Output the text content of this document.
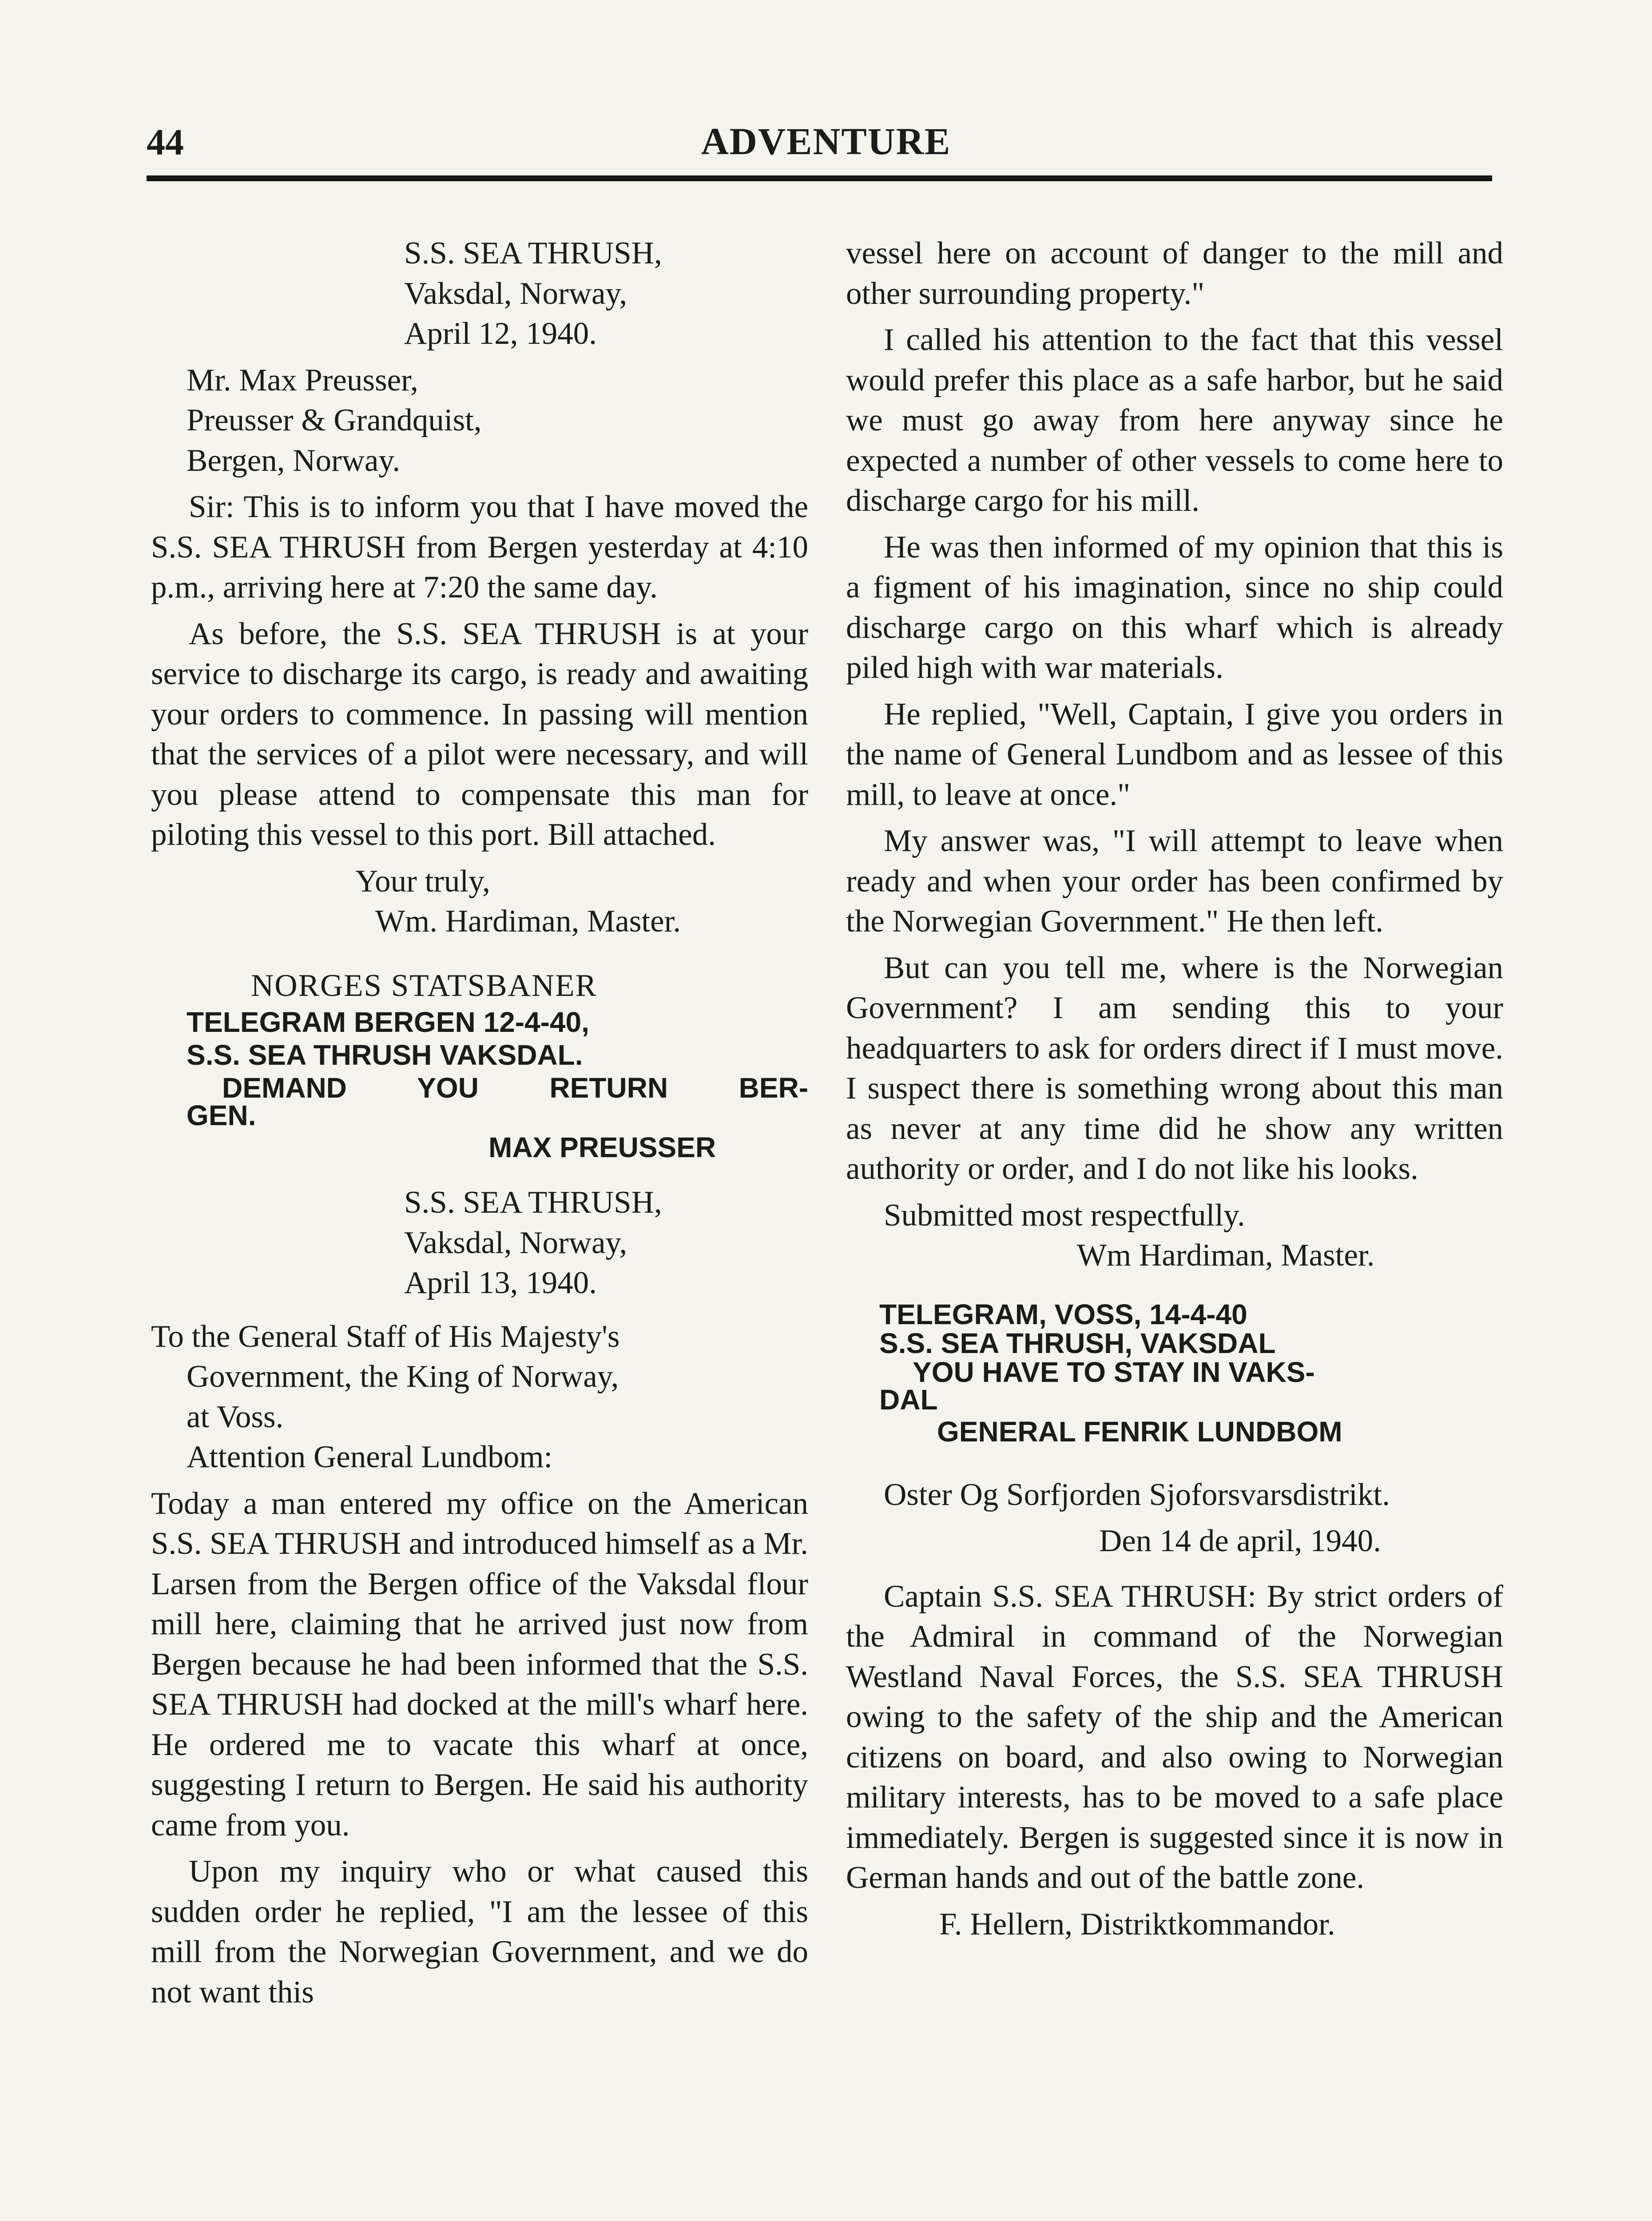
44	ADVENTURE
S.S. SEA THRUSH,
Vaksdal, Norway,
April 12, 1940.
Mr. Max Preusser,
Preusser & Grandquist,
Bergen, Norway.

Sir: This is to inform you that I have moved the S.S. SEA THRUSH from Bergen yesterday at 4:10 p.m., arriving here at 7:20 the same day.

As before, the S.S. SEA THRUSH is at your service to discharge its cargo, is ready and awaiting your orders to commence. In passing will mention that the services of a pilot were necessary, and will you please attend to compensate this man for piloting this vessel to this port. Bill attached.

Your truly,
Wm. Hardiman, Master.
NORGES STATSBANER
TELEGRAM BERGEN 12-4-40,
S.S. SEA THRUSH VAKSDAL.
DEMAND YOU RETURN BER-
GEN.
MAX PREUSSER
S.S. SEA THRUSH,
Vaksdal, Norway,
April 13, 1940.
To the General Staff of His Majesty's
Government, the King of Norway,
at Voss.
Attention General Lundbom:

Today a man entered my office on the American S.S. SEA THRUSH and introduced himself as a Mr. Larsen from the Bergen office of the Vaksdal flour mill here, claiming that he arrived just now from Bergen because he had been informed that the S.S. SEA THRUSH had docked at the mill's wharf here. He ordered me to vacate this wharf at once, suggesting I return to Bergen. He said his authority came from you.

Upon my inquiry who or what caused this sudden order he replied, "I am the lessee of this mill from the Norwegian Government, and we do not want this

vessel here on account of danger to the mill and other surrounding property."

I called his attention to the fact that this vessel would prefer this place as a safe harbor, but he said we must go away from here anyway since he expected a number of other vessels to come here to discharge cargo for his mill.

He was then informed of my opinion that this is a figment of his imagination, since no ship could discharge cargo on this wharf which is already piled high with war materials.

He replied, "Well, Captain, I give you orders in the name of General Lundbom and as lessee of this mill, to leave at once."

My answer was, "I will attempt to leave when ready and when your order has been confirmed by the Norwegian Government." He then left.

But can you tell me, where is the Norwegian Government? I am sending this to your headquarters to ask for orders direct if I must move. I suspect there is something wrong about this man as never at any time did he show any written authority or order, and I do not like his looks.

Submitted most respectfully.
Wm Hardiman, Master.
TELEGRAM, VOSS, 14-4-40
S.S. SEA THRUSH, VAKSDAL
YOU HAVE TO STAY IN VAKS-
DAL
GENERAL FENRIK LUNDBOM

Oster Og Sorfjorden Sjoforsvarsdistrikt.

Den 14 de april, 1940.

Captain S.S. SEA THRUSH: By strict orders of the Admiral in command of the Norwegian Westland Naval Forces, the S.S. SEA THRUSH owing to the safety of the ship and the American citizens on board, and also owing to Norwegian military interests, has to be moved to a safe place immediately. Bergen is suggested since it is now in German hands and out of the battle zone.

F. Hellern, Distriktkommandor.
